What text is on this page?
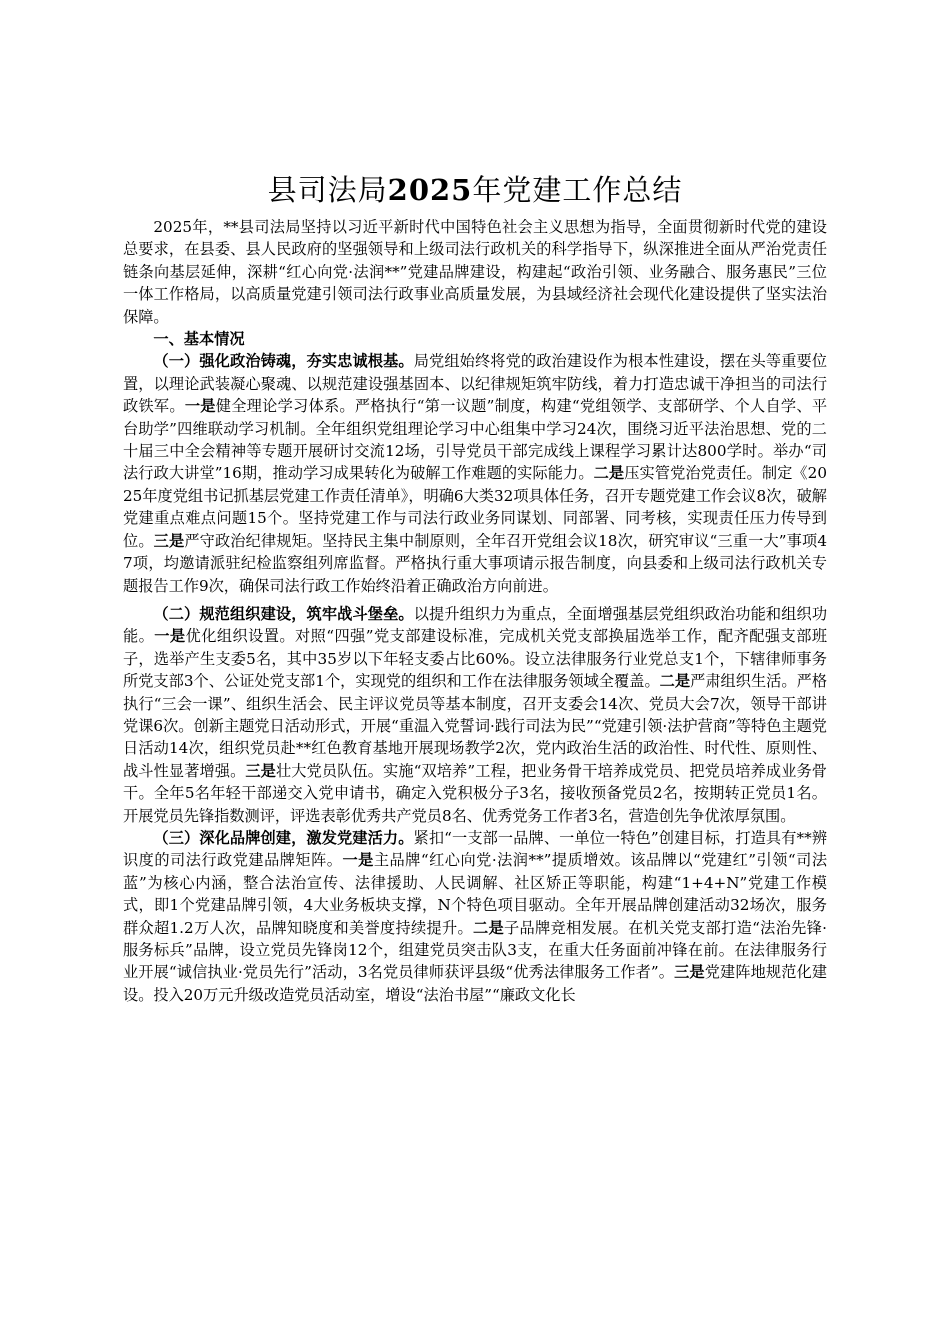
县司法局2025年党建工作总结

2025年，**县司法局坚持以习近平新时代中国特色社会主义思想为指导，全面贯彻新时代党的建设总要求，在县委、县人民政府的坚强领导和上级司法行政机关的科学指导下，纵深推进全面从严治党责任链条向基层延伸，深耕“红心向党·法润**”党建品牌建设，构建起“政治引领、业务融合、服务惠民”三位一体工作格局，以高质量党建引领司法行政事业高质量发展，为县域经济社会现代化建设提供了坚实法治保障。

一、基本情况

（一）强化政治铸魂，夯实忠诚根基。局党组始终将党的政治建设作为根本性建设，摆在头等重要位置，以理论武装凝心聚魂、以规范建设强基固本、以纪律规矩筑牢防线，着力打造忠诚干净担当的司法行政铁军。一是健全理论学习体系。严格执行“第一议题”制度，构建“党组领学、支部研学、个人自学、平台助学”四维联动学习机制。全年组织党组理论学习中心组集中学习24次，围绕习近平法治思想、党的二十届三中全会精神等专题开展研讨交流12场，引导党员干部完成线上课程学习累计达800学时。举办“司法行政大讲堂”16期，推动学习成果转化为破解工作难题的实际能力。二是压实管党治党责任。制定《2025年度党组书记抓基层党建工作责任清单》，明确6大类32项具体任务，召开专题党建工作会议8次，破解党建重点难点问题15个。坚持党建工作与司法行政业务同谋划、同部署、同考核，实现责任压力传导到位。三是严守政治纪律规矩。坚持民主集中制原则，全年召开党组会议18次，研究审议“三重一大”事项47项，均邀请派驻纪检监察组列席监督。严格执行重大事项请示报告制度，向县委和上级司法行政机关专题报告工作9次，确保司法行政工作始终沿着正确政治方向前进。

（二）规范组织建设，筑牢战斗堡垒。以提升组织力为重点，全面增强基层党组织政治功能和组织功能。一是优化组织设置。对照“四强”党支部建设标准，完成机关党支部换届选举工作，配齐配强支部班子，选举产生支委5名，其中35岁以下年轻支委占比60%。设立法律服务行业党总支1个，下辖律师事务所党支部3个、公证处党支部1个，实现党的组织和工作在法律服务领域全覆盖。二是严肃组织生活。严格执行“三会一课”、组织生活会、民主评议党员等基本制度，召开支委会14次、党员大会7次，领导干部讲党课6次。创新主题党日活动形式，开展“重温入党誓词·践行司法为民”“党建引领·法护营商”等特色主题党日活动14次，组织党员赴**红色教育基地开展现场教学2次，党内政治生活的政治性、时代性、原则性、战斗性显著增强。三是壮大党员队伍。实施“双培养”工程，把业务骨干培养成党员、把党员培养成业务骨干。全年5名年轻干部递交入党申请书，确定入党积极分子3名，接收预备党员2名，按期转正党员1名。开展党员先锋指数测评，评选表彰优秀共产党员8名、优秀党务工作者3名，营造创先争优浓厚氛围。

（三）深化品牌创建，激发党建活力。紧扣“一支部一品牌、一单位一特色”创建目标，打造具有**辨识度的司法行政党建品牌矩阵。一是主品牌“红心向党·法润**”提质增效。该品牌以“党建红”引领“司法蓝”为核心内涵，整合法治宣传、法律援助、人民调解、社区矫正等职能，构建“1+4+N”党建工作模式，即1个党建品牌引领，4大业务板块支撑，N个特色项目驱动。全年开展品牌创建活动32场次，服务群众超1.2万人次，品牌知晓度和美誉度持续提升。二是子品牌竞相发展。在机关党支部打造“法治先锋·服务标兵”品牌，设立党员先锋岗12个，组建党员突击队3支，在重大任务面前冲锋在前。在法律服务行业开展“诚信执业·党员先行”活动，3名党员律师获评县级“优秀法律服务工作者”。三是党建阵地规范化建设。投入20万元升级改造党员活动室，增设“法治书屋”“廉政文化长
